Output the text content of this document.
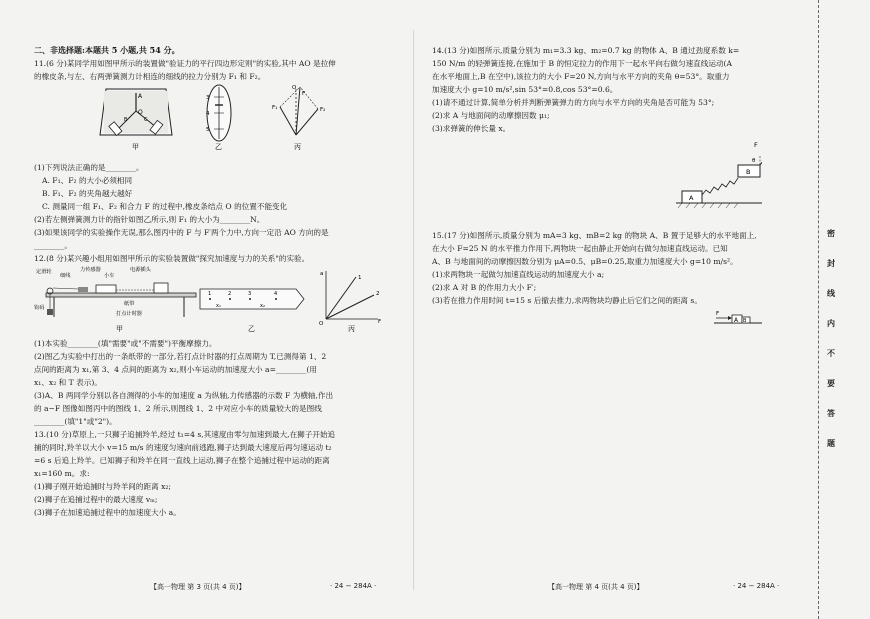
二、非选择题:本题共 5 小题,共 54 分。
11.(6 分)某同学用如图甲所示的装置做"验证力的平行四边形定则"的实验,其中 AO 是拉伸
的橡皮条,与左、右两弹簧测力计相连的细线的拉力分别为 F₁ 和 F₂。
A
O
B	C
甲
3
4
5
乙
O
F₁	F₂
F
丙
(1)下列说法正确的是________。
A. F₁、F₂ 的大小必须相同
B. F₁、F₂ 的夹角越大越好
C. 测量同一组 F₁、F₂ 和合力 F 的过程中,橡皮条结点 O 的位置不能变化
(2)若左侧弹簧测力计的指针如图乙所示,则 F₁ 的大小为________N。
(3)如果该同学的实验操作无误,那么图丙中的 F 与 F′两个力中,方向一定沿 AO 方向的是
________。
12.(8 分)某兴趣小组用如图甲所示的实验装置做"探究加速度与力的关系"的实验。
定滑轮
细线
力传感器
小车
电源插头
钩码
纸带
打点计时器
甲
1	2	3	4
x₁	x₂
乙
a
F
O
1
2
丙
(1)本实验________(填"需要"或"不需要")平衡摩擦力。
(2)图乙为实验中打出的一条纸带的一部分,若打点计时器的打点周期为 T,已测得第 1、2
点间的距离为 x₁,第 3、4 点间的距离为 x₂,则小车运动的加速度大小 a=________(用
x₁、x₂ 和 T 表示)。
(3)A、B 两同学分别以各自测得的小车的加速度 a 为纵轴,力传感器的示数 F 为横轴,作出
的 a−F 图像如图丙中的图线 1、2 所示,则图线 1、2 中对应小车的质量较大的是图线
________(填"1"或"2")。
13.(10 分)草原上,一只狮子追捕羚羊,经过 t₁=4 s,其速度由零匀加速到最大,在狮子开始追
捕的同时,羚羊以大小 v=15 m/s 的速度匀速向前逃跑,狮子达到最大速度后再匀速运动 t₂
=6 s 后追上羚羊。已知狮子和羚羊在同一直线上运动,狮子在整个追捕过程中运动的距离
x₁=160 m。求:
(1)狮子刚开始追捕时与羚羊间的距离 x₂;
(2)狮子在追捕过程中的最大速度 vₘ;
(3)狮子在加速追捕过程中的加速度大小 a。
14.(13 分)如图所示,质量分别为 m₁=3.3 kg、m₂=0.7 kg 的物体 A、B 通过劲度系数 k=
150 N/m 的轻弹簧连接,在施加于 B 的恒定拉力的作用下一起水平向右做匀速直线运动(A
在水平地面上,B 在空中),该拉力的大小 F=20 N,方向与水平方向的夹角 θ=53°。取重力
加速度大小 g=10 m/s²,sin 53°=0.8,cos 53°=0.6。
(1)请不通过计算,简单分析并判断弹簧弹力的方向与水平方向的夹角是否可能为 53°;
(2)求 A 与地面间的动摩擦因数 μ₁;
(3)求弹簧的伸长量 x。
A
B
F
θ
15.(17 分)如图所示,质量分别为 mA=3 kg、mB=2 kg 的物块 A、B 置于足够大的水平地面上,
在大小 F=25 N 的水平推力作用下,两物块一起由静止开始向右做匀加速直线运动。已知
A、B 与地面间的动摩擦因数分别为 μA=0.5、μB=0.25,取重力加速度大小 g=10 m/s²。
(1)求两物块一起做匀加速直线运动的加速度大小 a;
(2)求 A 对 B 的作用力大小 F′;
(3)若在推力作用时间 t=15 s 后撤去推力,求两物块均静止后它们之间的距离 s。
F
A B
【高一物理 第 3 页(共 4 页)】	· 24 − 284A ·	【高一物理 第 4 页(共 4 页)】	· 24 − 284A ·
密
封
线
内
不
要
答
题
